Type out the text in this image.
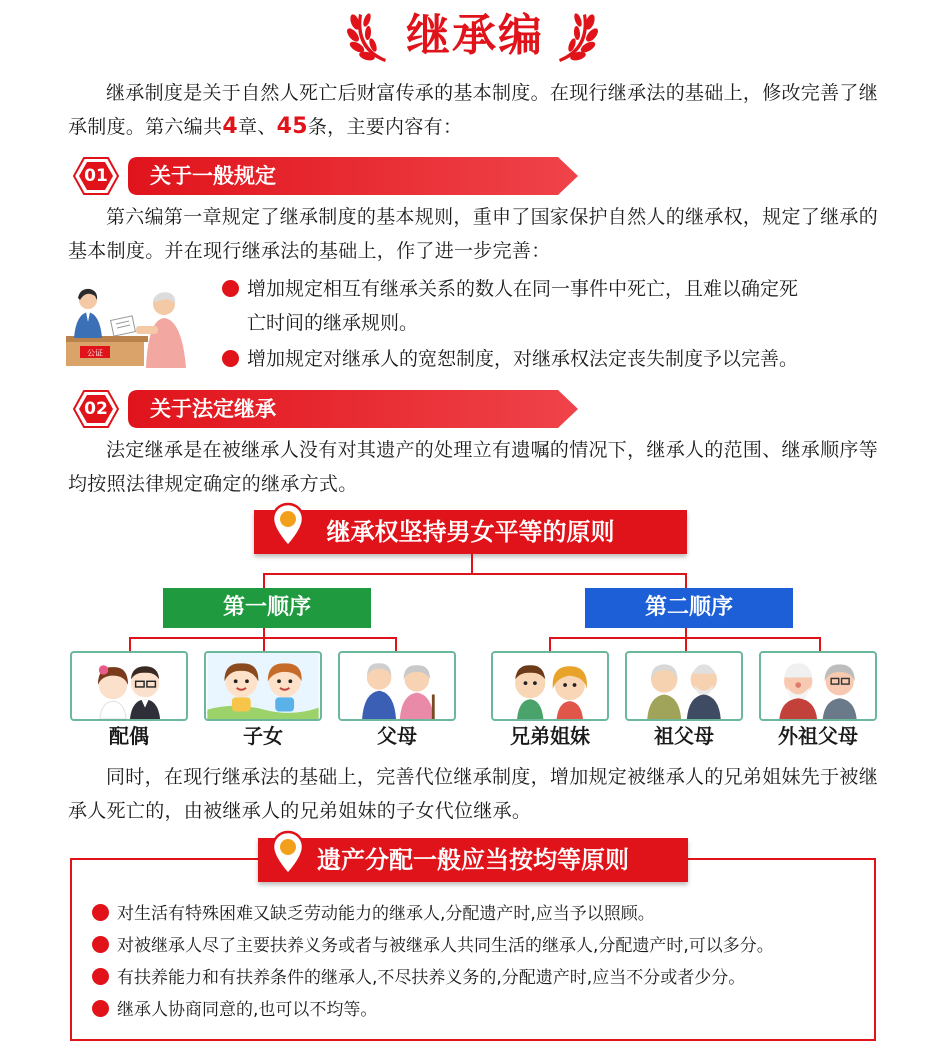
继承编
继承制度是关于自然人死亡后财富传承的基本制度。在现行继承法的基础上，修改完善了继承制度。第六编共4章、45条，主要内容有：
01	关于一般规定
第六编第一章规定了继承制度的基本规则，重申了国家保护自然人的继承权，规定了继承的基本制度。并在现行继承法的基础上，作了进一步完善：
公证
增加规定相互有继承关系的数人在同一事件中死亡，且难以确定死
亡时间的继承规则。
增加规定对继承人的宽恕制度，对继承权法定丧失制度予以完善。
02	关于法定继承
法定继承是在被继承人没有对其遗产的处理立有遗嘱的情况下，继承人的范围、继承顺序等均按照法律规定确定的继承方式。
继承权坚持男女平等的原则
第一顺序	第二顺序
配偶	子女	父母	兄弟姐妹	祖父母	外祖父母
同时，在现行继承法的基础上，完善代位继承制度，增加规定被继承人的兄弟姐妹先于被继承人死亡的，由被继承人的兄弟姐妹的子女代位继承。
遗产分配一般应当按均等原则
对生活有特殊困难又缺乏劳动能力的继承人,分配遗产时,应当予以照顾。
对被继承人尽了主要扶养义务或者与被继承人共同生活的继承人,分配遗产时,可以多分。
有扶养能力和有扶养条件的继承人,不尽扶养义务的,分配遗产时,应当不分或者少分。
继承人协商同意的,也可以不均等。
